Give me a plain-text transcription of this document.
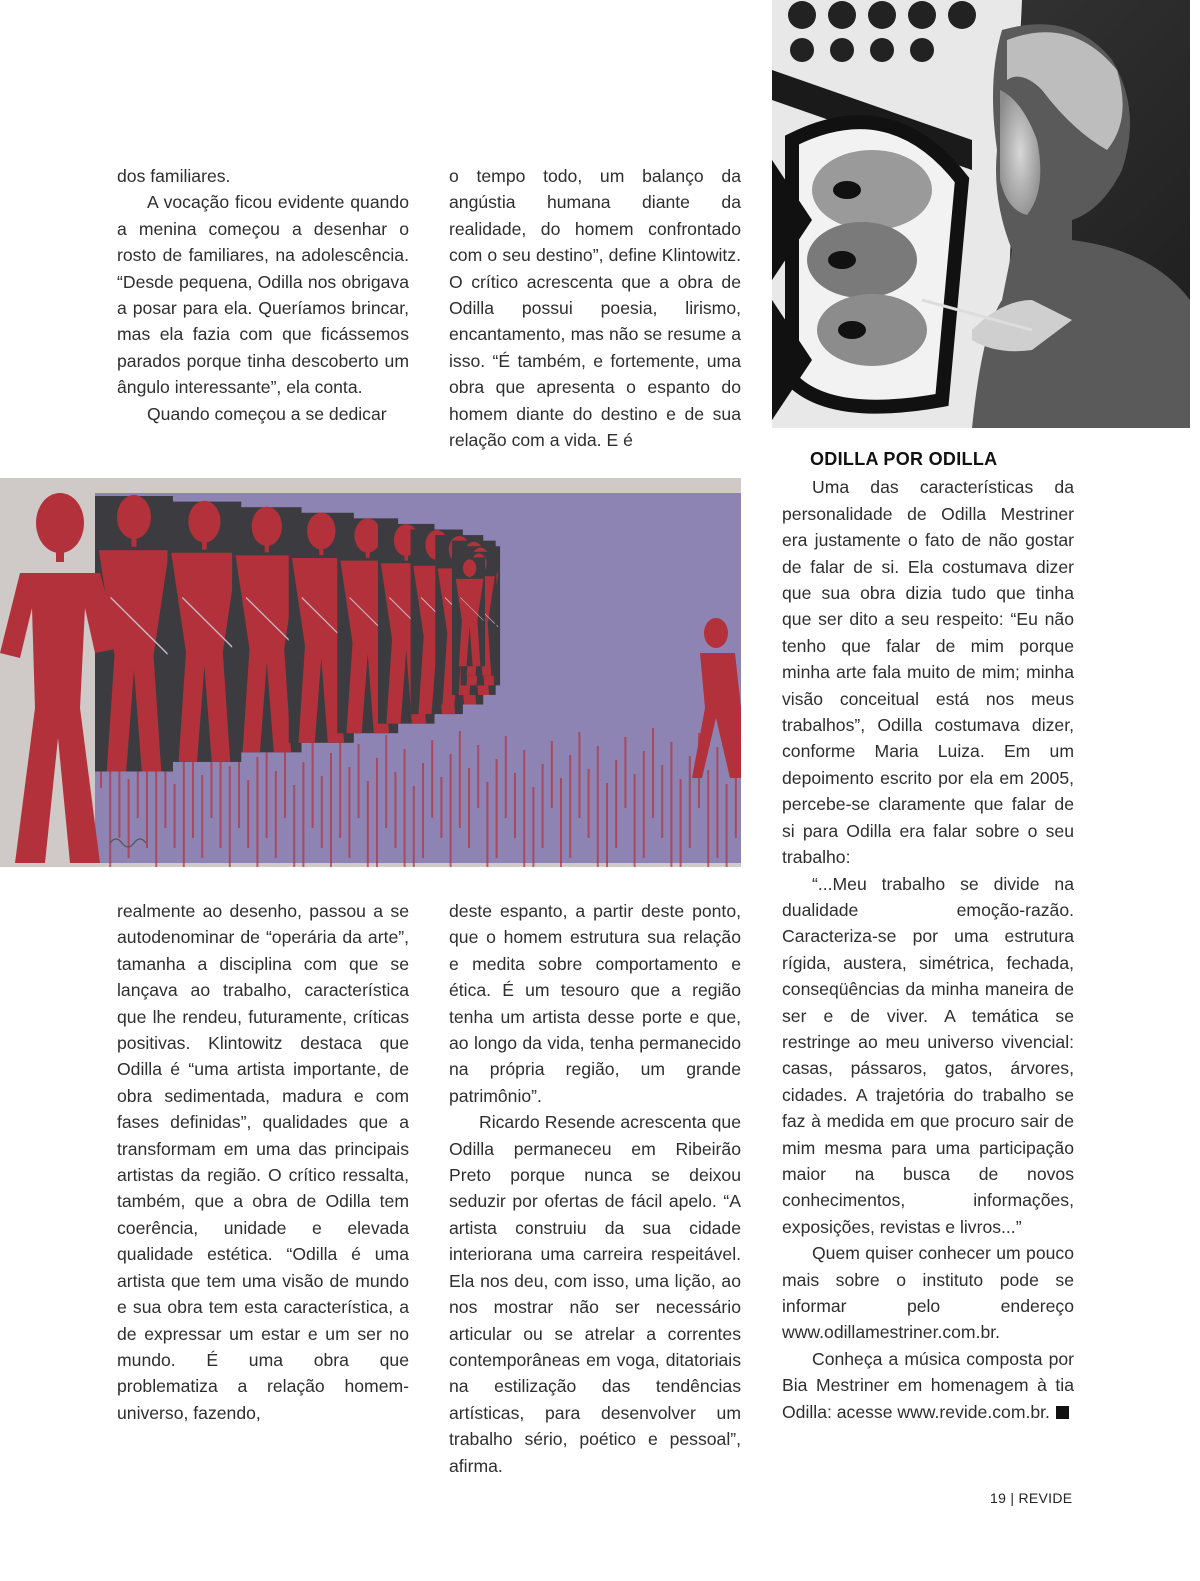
dos familiares.

A vocação ficou evidente quando a menina começou a desenhar o rosto de familiares, na adolescência. “Desde pequena, Odilla nos obrigava a posar para ela. Queríamos brincar, mas ela fazia com que ficássemos parados porque tinha descoberto um ângulo interessante”, ela conta.

Quando começou a se dedicar

o tempo todo, um balanço da angústia humana diante da realidade, do homem confrontado com o seu destino”, define Klintowitz. O crítico acrescenta que a obra de Odilla possui poesia, lirismo, encantamento, mas não se resume a isso. “É também, e fortemente, uma obra que apresenta o espanto do homem diante do destino e de sua relação com a vida. E é

realmente ao desenho, passou a se autodenominar de “operária da arte”, tamanha a disciplina com que se lançava ao trabalho, característica que lhe rendeu, futuramente, críticas positivas. Klintowitz destaca que Odilla é “uma artista importante, de obra sedimentada, madura e com fases definidas”, qualidades que a transformam em uma das principais artistas da região. O crítico ressalta, também, que a obra de Odilla tem coerência, unidade e elevada qualidade estética. “Odilla é uma artista que tem uma visão de mundo e sua obra tem esta característica, a de expressar um estar e um ser no mundo. É uma obra que problematiza a relação homem-universo, fazendo,

deste espanto, a partir deste ponto, que o homem estrutura sua relação e medita sobre comportamento e ética. É um tesouro que a região tenha um artista desse porte e que, ao longo da vida, tenha permanecido na própria região, um grande patrimônio”.

Ricardo Resende acrescenta que Odilla permaneceu em Ribeirão Preto porque nunca se deixou seduzir por ofertas de fácil apelo. “A artista construiu da sua cidade interiorana uma carreira respeitável. Ela nos deu, com isso, uma lição, ao nos mostrar não ser necessário articular ou se atrelar a correntes contemporâneas em voga, ditatoriais na estilização das tendências artísticas, para desenvolver um trabalho sério, poético e pessoal”, afirma.

ODILLA POR ODILLA

Uma das características da personalidade de Odilla Mestriner era justamente o fato de não gostar de falar de si. Ela costumava dizer que sua obra dizia tudo que tinha que ser dito a seu respeito: “Eu não tenho que falar de mim porque minha arte fala muito de mim; minha visão conceitual está nos meus trabalhos”, Odilla costumava dizer, conforme Maria Luiza. Em um depoimento escrito por ela em 2005, percebe-se claramente que falar de si para Odilla era falar sobre o seu trabalho:

“...Meu trabalho se divide na dualidade emoção-razão. Caracteriza-se por uma estrutura rígida, austera, simétrica, fechada, conseqüências da minha maneira de ser e de viver. A temática se restringe ao meu universo vivencial: casas, pássaros, gatos, árvores, cidades. A trajetória do trabalho se faz à medida em que procuro sair de mim mesma para uma participação maior na busca de novos conhecimentos, informações, exposições, revistas e livros...”

Quem quiser conhecer um pouco mais sobre o instituto pode se informar pelo endereço www.odillamestriner.com.br.

Conheça a música composta por Bia Mestriner em homenagem à tia Odilla: acesse www.revide.com.br.	r

19 | REVIDE
